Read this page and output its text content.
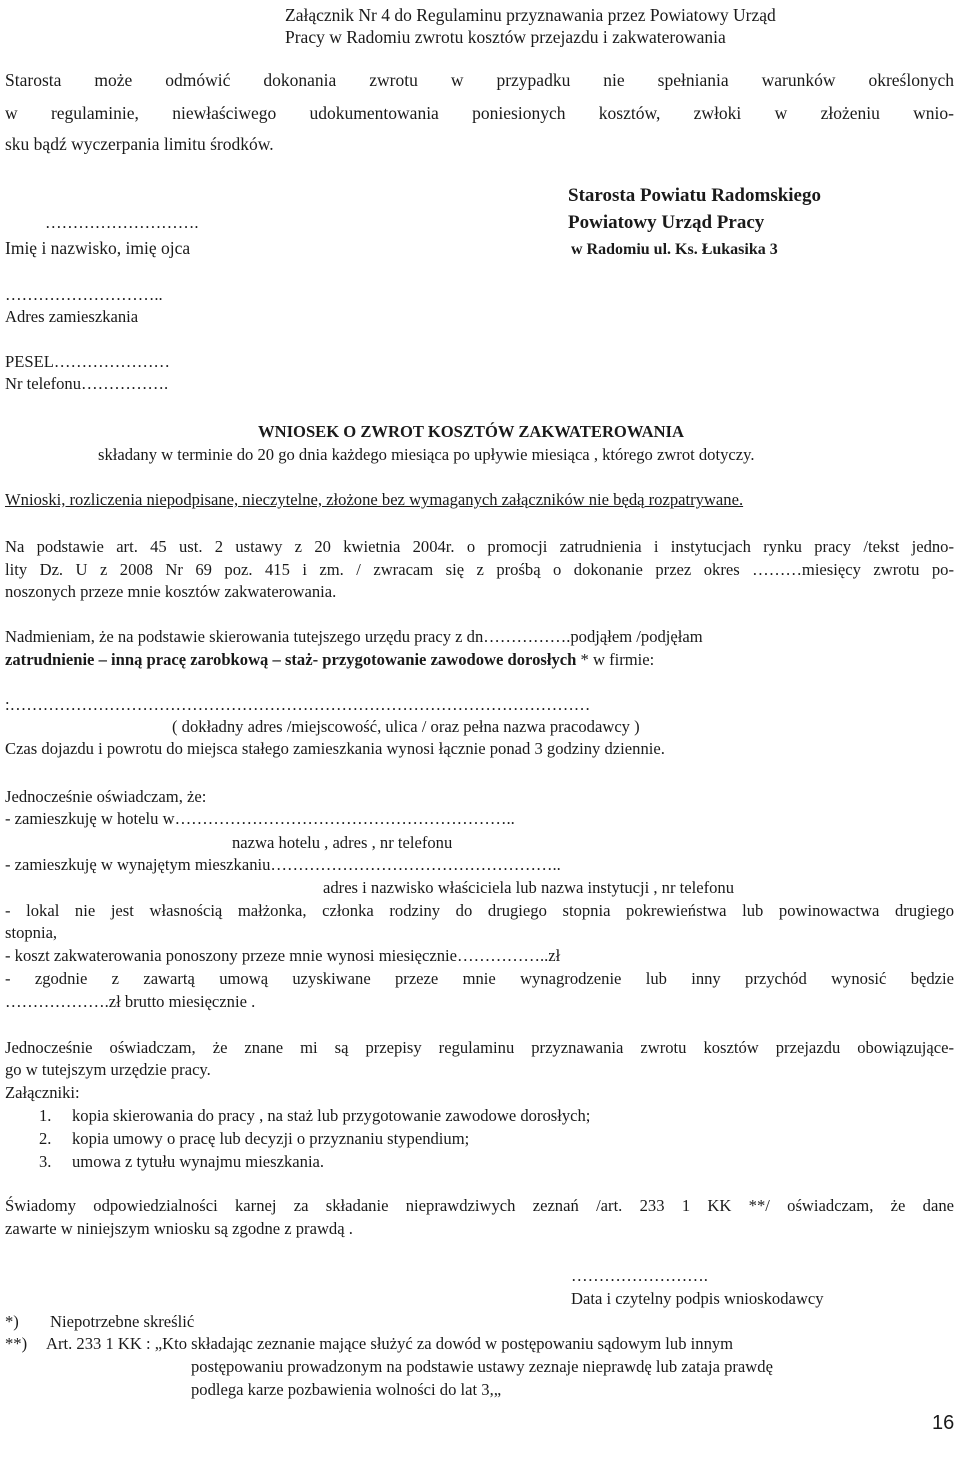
Załącznik Nr 4 do Regulaminu przyznawania przez Powiatowy Urząd
Pracy w Radomiu zwrotu kosztów przejazdu i zakwaterowania
Starosta może odmówić dokonania zwrotu w przypadku nie spełniania warunków określonych
w regulaminie, niewłaściwego udokumentowania poniesionych kosztów, zwłoki w złożeniu wnio-
sku bądź wyczerpania limitu środków.
Starosta Powiatu Radomskiego
Powiatowy Urząd Pracy
w Radomiu ul. Ks. Łukasika 3
……………………….
Imię i nazwisko, imię ojca
………………………..
Adres zamieszkania
PESEL…………………
Nr telefonu…………….
WNIOSEK O ZWROT KOSZTÓW ZAKWATEROWANIA
składany w terminie do 20 go dnia każdego miesiąca po upływie miesiąca , którego zwrot dotyczy.
Wnioski, rozliczenia niepodpisane, nieczytelne, złożone bez wymaganych załączników nie będą rozpatrywane.
Na podstawie art. 45 ust. 2 ustawy z 20 kwietnia 2004r. o promocji zatrudnienia i instytucjach rynku pracy /tekst jedno-
lity Dz. U z 2008 Nr 69 poz. 415 i zm. / zwracam się z prośbą o dokonanie przez okres ………miesięcy zwrotu po-
noszonych przeze mnie kosztów zakwaterowania.
Nadmieniam, że na podstawie skierowania tutejszego urzędu pracy z dn…………….podjąłem /podjęłam
zatrudnienie – inną pracę zarobkową – staż- przygotowanie zawodowe dorosłych * w firmie:
:……………………………………………………………………………………………
( dokładny adres /miejscowość, ulica / oraz pełna nazwa pracodawcy )
Czas dojazdu i powrotu do miejsca stałego zamieszkania wynosi łącznie ponad 3 godziny dziennie.
Jednocześnie oświadczam, że:
- zamieszkuję w hotelu w……………………………………………………..
nazwa hotelu , adres , nr telefonu
- zamieszkuję w wynajętym mieszkaniu……………………………………………..
adres i nazwisko właściciela lub nazwa instytucji , nr telefonu
- lokal nie jest własnością małżonka, członka rodziny do drugiego stopnia pokrewieństwa lub powinowactwa drugiego
stopnia,
- koszt zakwaterowania ponoszony przeze mnie wynosi miesięcznie……………..zł
- zgodnie z zawartą umową uzyskiwane przeze mnie wynagrodzenie lub inny przychód wynosić będzie
……………….zł brutto miesięcznie .
Jednocześnie oświadczam, że znane mi są przepisy regulaminu przyznawania zwrotu kosztów przejazdu obowiązujące-
go w tutejszym urzędzie pracy.
Załączniki:
1. kopia skierowania do pracy , na staż lub przygotowanie zawodowe dorosłych;
2. kopia umowy o pracę lub decyzji o przyznaniu stypendium;
3. umowa z tytułu wynajmu mieszkania.
Świadomy odpowiedzialności karnej za składanie nieprawdziwych zeznań /art. 233 1 KK **/ oświadczam, że dane
zawarte w niniejszym wniosku są zgodne z prawdą .
…………………….
Data i czytelny podpis wnioskodawcy
*) Niepotrzebne skreślić
**) Art. 233 1 KK : „Kto składając zeznanie mające służyć za dowód w postępowaniu sądowym lub innym
postępowaniu prowadzonym na podstawie ustawy zeznaje nieprawdę lub zataja prawdę
podlega karze pozbawienia wolności do lat 3,„
16
